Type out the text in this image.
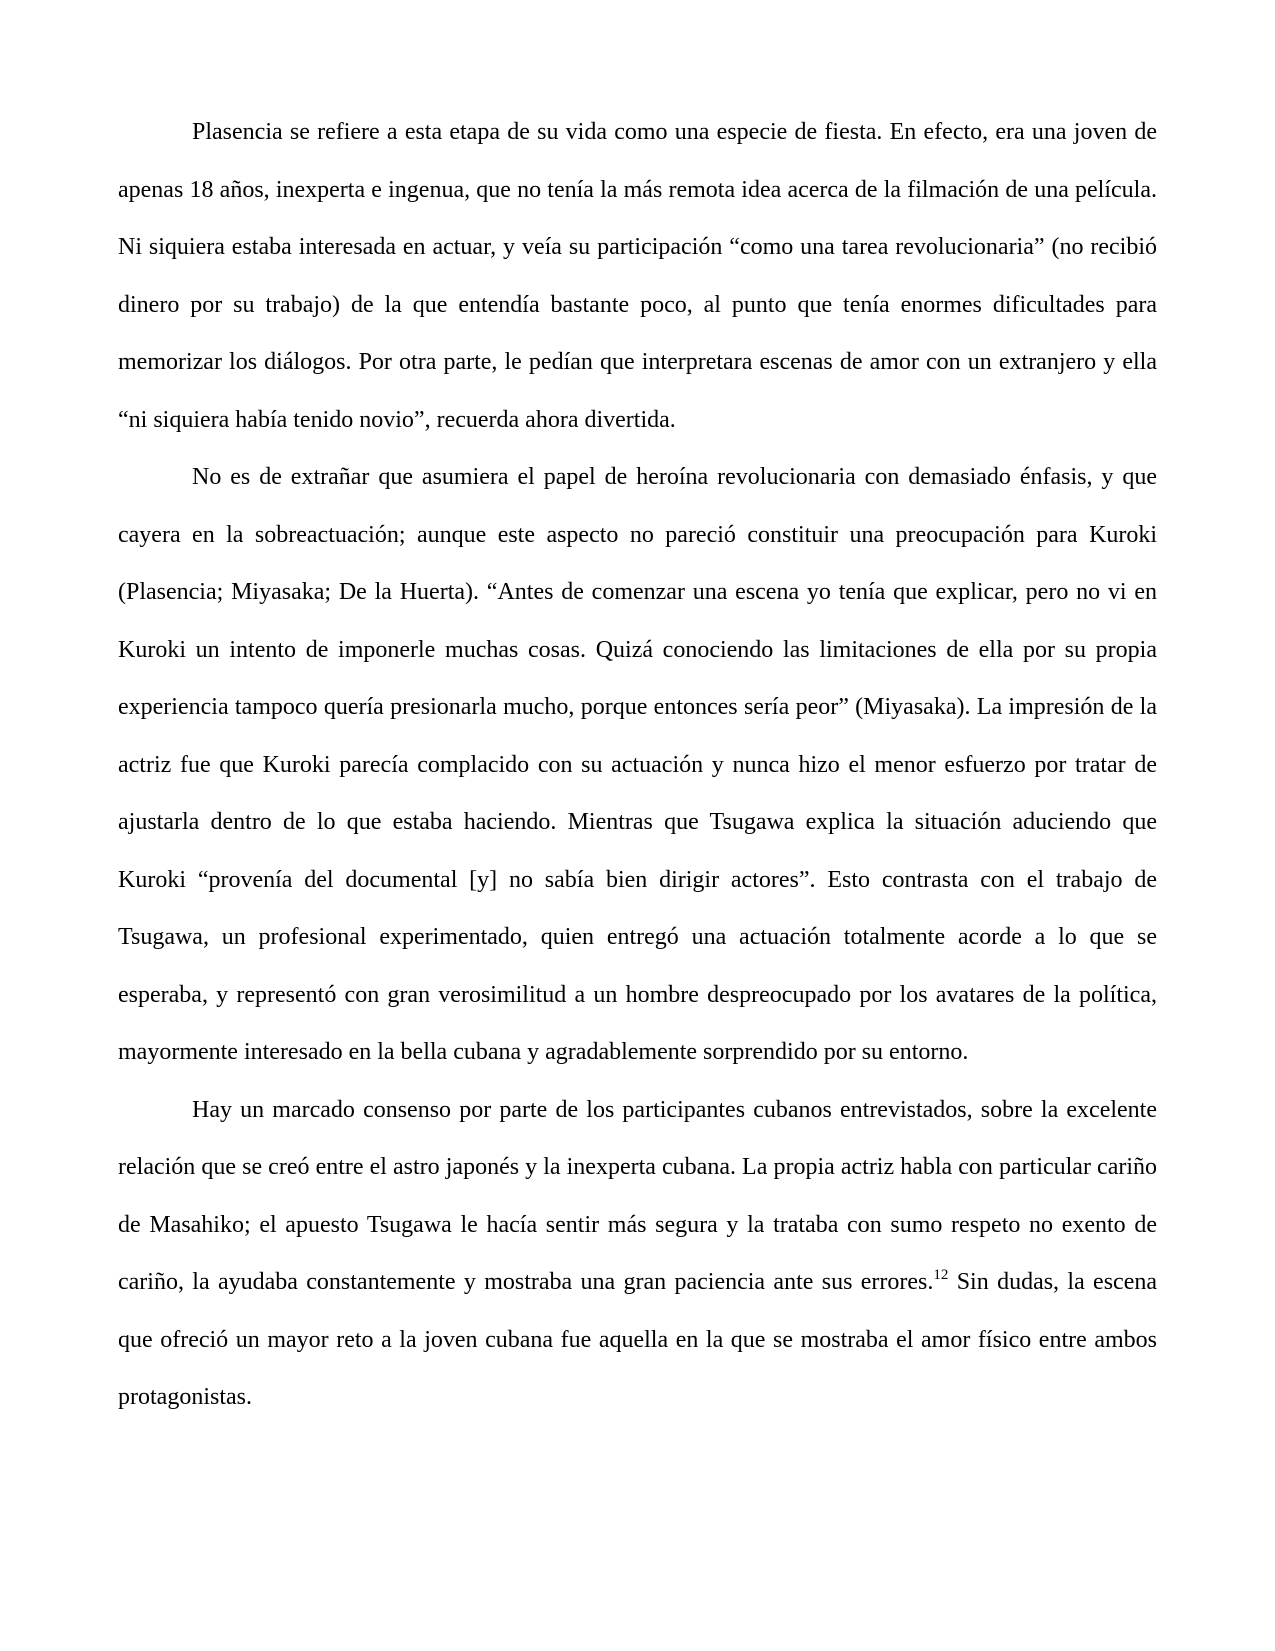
Plasencia se refiere a esta etapa de su vida como una especie de fiesta. En efecto, era una joven de apenas 18 años, inexperta e ingenua, que no tenía la más remota idea acerca de la filmación de una película. Ni siquiera estaba interesada en actuar, y veía su participación “como una tarea revolucionaria” (no recibió dinero por su trabajo) de la que entendía bastante poco, al punto que tenía enormes dificultades para memorizar los diálogos. Por otra parte, le pedían que interpretara escenas de amor con un extranjero y ella “ni siquiera había tenido novio”, recuerda ahora divertida.

No es de extrañar que asumiera el papel de heroína revolucionaria con demasiado énfasis, y que cayera en la sobreactuación; aunque este aspecto no pareció constituir una preocupación para Kuroki (Plasencia; Miyasaka; De la Huerta). “Antes de comenzar una escena yo tenía que explicar, pero no vi en Kuroki un intento de imponerle muchas cosas. Quizá conociendo las limitaciones de ella por su propia experiencia tampoco quería presionarla mucho, porque entonces sería peor” (Miyasaka). La impresión de la actriz fue que Kuroki parecía complacido con su actuación y nunca hizo el menor esfuerzo por tratar de ajustarla dentro de lo que estaba haciendo. Mientras que Tsugawa explica la situación aduciendo que Kuroki “provenía del documental [y] no sabía bien dirigir actores”. Esto contrasta con el trabajo de Tsugawa, un profesional experimentado, quien entregó una actuación totalmente acorde a lo que se esperaba, y representó con gran verosimilitud a un hombre despreocupado por los avatares de la política, mayormente interesado en la bella cubana y agradablemente sorprendido por su entorno.

Hay un marcado consenso por parte de los participantes cubanos entrevistados, sobre la excelente relación que se creó entre el astro japonés y la inexperta cubana. La propia actriz habla con particular cariño de Masahiko; el apuesto Tsugawa le hacía sentir más segura y la trataba con sumo respeto no exento de cariño, la ayudaba constantemente y mostraba una gran paciencia ante sus errores.$^{12}$ Sin dudas, la escena que ofreció un mayor reto a la joven cubana fue aquella en la que se mostraba el amor físico entre ambos protagonistas.
